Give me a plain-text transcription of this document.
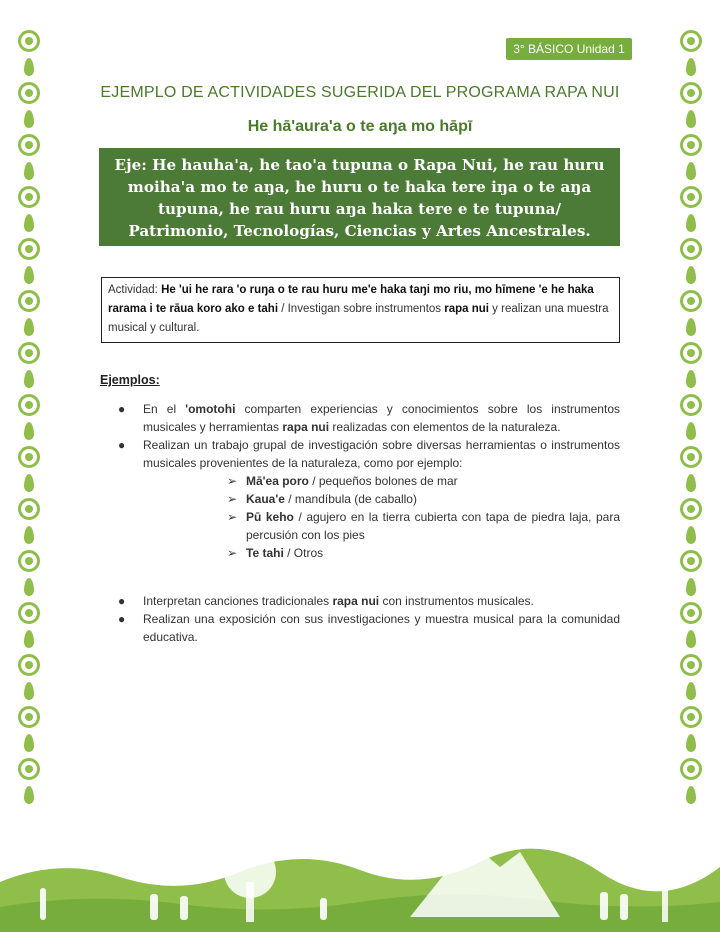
3° BÁSICO Unidad 1
EJEMPLO DE ACTIVIDADES SUGERIDA DEL PROGRAMA RAPA NUI
He hā'aura'a o te aŋa mo hāpī
Eje: He hauha'a, he tao'a tupuna o Rapa Nui, he rau huru moiha'a mo te aŋa, he huru o te haka tere iŋa o te aŋa tupuna, he rau huru aŋa haka tere e te tupuna/ Patrimonio, Tecnologías, Ciencias y Artes Ancestrales.
Actividad: He 'ui he rara 'o ruŋa o te rau huru me'e haka taŋi mo riu, mo hīmene 'e he haka rarama i te rāua koro ako e tahi / Investigan sobre instrumentos rapa nui y realizan una muestra musical y cultural.
Ejemplos:
● En el 'omotohi comparten experiencias y conocimientos sobre los instrumentos musicales y herramientas rapa nui realizadas con elementos de la naturaleza.
● Realizan un trabajo grupal de investigación sobre diversas herramientas o instrumentos musicales provenientes de la naturaleza, como por ejemplo:
➢ Mā'ea poro / pequeños bolones de mar
➢ Kaua'e / mandíbula (de caballo)
➢ Pū keho / agujero en la tierra cubierta con tapa de piedra laja, para percusión con los pies
➢ Te tahi / Otros
● Interpretan canciones tradicionales rapa nui con instrumentos musicales.
● Realizan una exposición con sus investigaciones y muestra musical para la comunidad educativa.
